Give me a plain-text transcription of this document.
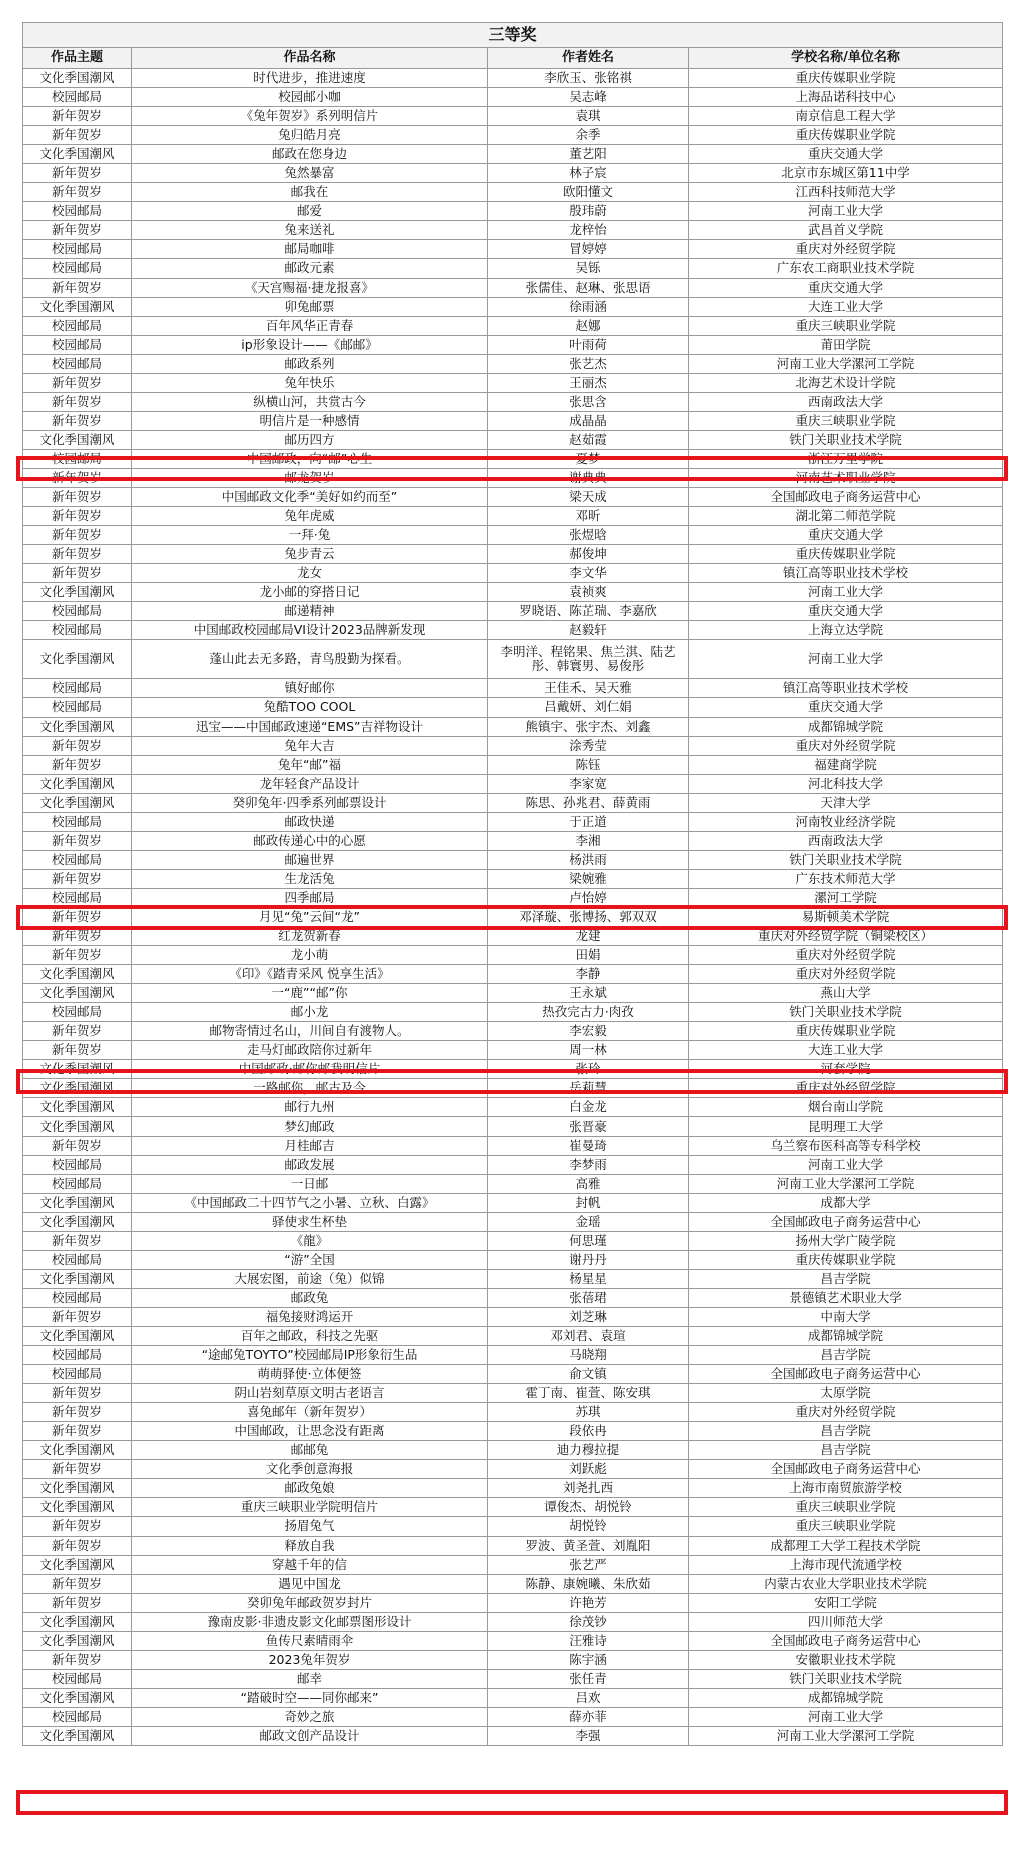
三等奖			
作品主题	作品名称	作者姓名	学校名称/单位名称
文化季国潮风	时代进步，推进速度	李欣玉、张铭祺	重庆传媒职业学院
校园邮局	校园邮小咖	吴志峰	上海品诺科技中心
新年贺岁	《兔年贺岁》系列明信片	袁琪	南京信息工程大学
新年贺岁	兔归皓月亮	余季	重庆传媒职业学院
文化季国潮风	邮政在您身边	董艺阳	重庆交通大学
新年贺岁	兔然暴富	林子宸	北京市东城区第11中学
新年贺岁	邮我在	欧阳懂文	江西科技师范大学
校园邮局	邮爱	殷玮蔚	河南工业大学
新年贺岁	兔来送礼	龙梓怡	武昌首义学院
校园邮局	邮局咖啡	冒婷婷	重庆对外经贸学院
校园邮局	邮政元素	吴铄	广东农工商职业技术学院
新年贺岁	《天宫赐福·捷龙报喜》	张儒佳、赵琳、张思语	重庆交通大学
文化季国潮风	卯兔邮票	徐雨涵	大连工业大学
校园邮局	百年风华正青春	赵娜	重庆三峡职业学院
校园邮局	ip形象设计——《邮邮》	叶雨荷	莆田学院
校园邮局	邮政系列	张艺杰	河南工业大学漯河工学院
新年贺岁	兔年快乐	王丽杰	北海艺术设计学院
新年贺岁	纵横山河，共赏古今	张思含	西南政法大学
新年贺岁	明信片是一种感情	成晶晶	重庆三峡职业学院
文化季国潮风	邮历四方	赵茹霞	铁门关职业技术学院
校园邮局	中国邮政，向“邮”心生	夏梦	浙江万里学院
新年贺岁	邮龙贺岁	谢典典	河南艺术职业学院
新年贺岁	中国邮政文化季“美好如约而至”	梁天成	全国邮政电子商务运营中心
新年贺岁	兔年虎威	邓昕	湖北第二师范学院
新年贺岁	一拜·兔	张煜晗	重庆交通大学
新年贺岁	兔步青云	郝俊坤	重庆传媒职业学院
新年贺岁	龙女	李文华	镇江高等职业技术学校
文化季国潮风	龙小邮的穿搭日记	袁祯爽	河南工业大学
校园邮局	邮递精神	罗晓语、陈芷瑞、李嘉欣	重庆交通大学
校园邮局	中国邮政校园邮局VI设计2023品牌新发现	赵毅轩	上海立达学院
文化季国潮风	蓬山此去无多路，青鸟殷勤为探看。	李明洋、程铭果、焦兰淇、陆艺彤、韩寰男、易俊彤	河南工业大学
校园邮局	镇好邮你	王佳禾、吴天雅	镇江高等职业技术学校
校园邮局	兔酷TOO COOL	吕戴妍、刘仁娟	重庆交通大学
文化季国潮风	迅宝——中国邮政速递“EMS”吉祥物设计	熊镇宇、张宇杰、刘鑫	成都锦城学院
新年贺岁	兔年大吉	涂秀莹	重庆对外经贸学院
新年贺岁	兔年“邮”福	陈钰	福建商学院
文化季国潮风	龙年轻食产品设计	李家宽	河北科技大学
文化季国潮风	癸卯兔年·四季系列邮票设计	陈思、孙兆君、薛黄雨	天津大学
校园邮局	邮政快递	于正道	河南牧业经济学院
新年贺岁	邮政传递心中的心愿	李湘	西南政法大学
校园邮局	邮遍世界	杨洪雨	铁门关职业技术学院
新年贺岁	生龙活兔	梁婉雅	广东技术师范大学
校园邮局	四季邮局	卢怡婷	漯河工学院
新年贺岁	月见“兔”云间“龙”	邓泽璇、张博扬、郭双双	易斯顿美术学院
新年贺岁	红龙贺新春	龙建	重庆对外经贸学院（铜梁校区）
新年贺岁	龙小萌	田娟	重庆对外经贸学院
文化季国潮风	《印》《踏青采风 悦享生活》	李静	重庆对外经贸学院
文化季国潮风	一“鹿”“邮”你	王永斌	燕山大学
校园邮局	邮小龙	热孜完古力·肉孜	铁门关职业技术学院
新年贺岁	邮物寄情过名山，川间自有渡物人。	李宏毅	重庆传媒职业学院
新年贺岁	走马灯邮政陪你过新年	周一林	大连工业大学
文化季国潮风	中国邮政·邮你邮我明信片	张玲	河套学院
文化季国潮风	一路邮你，邮古及今	岳莉慧	重庆对外经贸学院
文化季国潮风	邮行九州	白金龙	烟台南山学院
文化季国潮风	梦幻邮政	张晋豪	昆明理工大学
新年贺岁	月桂邮吉	崔曼琦	乌兰察布医科高等专科学校
校园邮局	邮政发展	李梦雨	河南工业大学
校园邮局	一日邮	高雅	河南工业大学漯河工学院
文化季国潮风	《中国邮政二十四节气之小暑、立秋、白露》	封帆	成都大学
文化季国潮风	驿使求生杯垫	金瑶	全国邮政电子商务运营中心
新年贺岁	《龍》	何思瑾	扬州大学广陵学院
校园邮局	“游”全国	谢丹丹	重庆传媒职业学院
文化季国潮风	大展宏图，前途（兔）似锦	杨星星	昌吉学院
校园邮局	邮政兔	张蓓珺	景德镇艺术职业大学
新年贺岁	福兔接财鸿运开	刘芝琳	中南大学
文化季国潮风	百年之邮政，科技之先驱	邓刘君、袁瑄	成都锦城学院
校园邮局	“途邮兔TOYTO”校园邮局IP形象衍生品	马晓翔	昌吉学院
校园邮局	萌萌驿使·立体便签	俞文镇	全国邮政电子商务运营中心
新年贺岁	阴山岩刻草原文明古老语言	霍丁南、崔萱、陈安琪	太原学院
新年贺岁	喜兔邮年（新年贺岁）	苏琪	重庆对外经贸学院
新年贺岁	中国邮政，让思念没有距离	段依冉	昌吉学院
文化季国潮风	邮邮兔	迪力穆拉提	昌吉学院
新年贺岁	文化季创意海报	刘跃彪	全国邮政电子商务运营中心
文化季国潮风	邮政兔娘	刘尧扎西	上海市南贸旅游学校
文化季国潮风	重庆三峡职业学院明信片	谭俊杰、胡悦铃	重庆三峡职业学院
新年贺岁	扬眉兔气	胡悦铃	重庆三峡职业学院
新年贺岁	释放自我	罗波、黄圣萱、刘胤阳	成都理工大学工程技术学院
文化季国潮风	穿越千年的信	张艺严	上海市现代流通学校
新年贺岁	遇见中国龙	陈静、康婉曦、朱欣茹	内蒙古农业大学职业技术学院
新年贺岁	癸卯兔年邮政贺岁封片	许艳芳	安阳工学院
文化季国潮风	豫南皮影·非遗皮影文化邮票图形设计	徐茂钞	四川师范大学
文化季国潮风	鱼传尺素晴雨伞	汪雅诗	全国邮政电子商务运营中心
新年贺岁	2023兔年贺岁	陈宇涵	安徽职业技术学院
校园邮局	邮幸	张任青	铁门关职业技术学院
文化季国潮风	“踏破时空——同你邮来”	吕欢	成都锦城学院
校园邮局	奇妙之旅	薛亦菲	河南工业大学
文化季国潮风	邮政文创产品设计	李强	河南工业大学漯河工学院
